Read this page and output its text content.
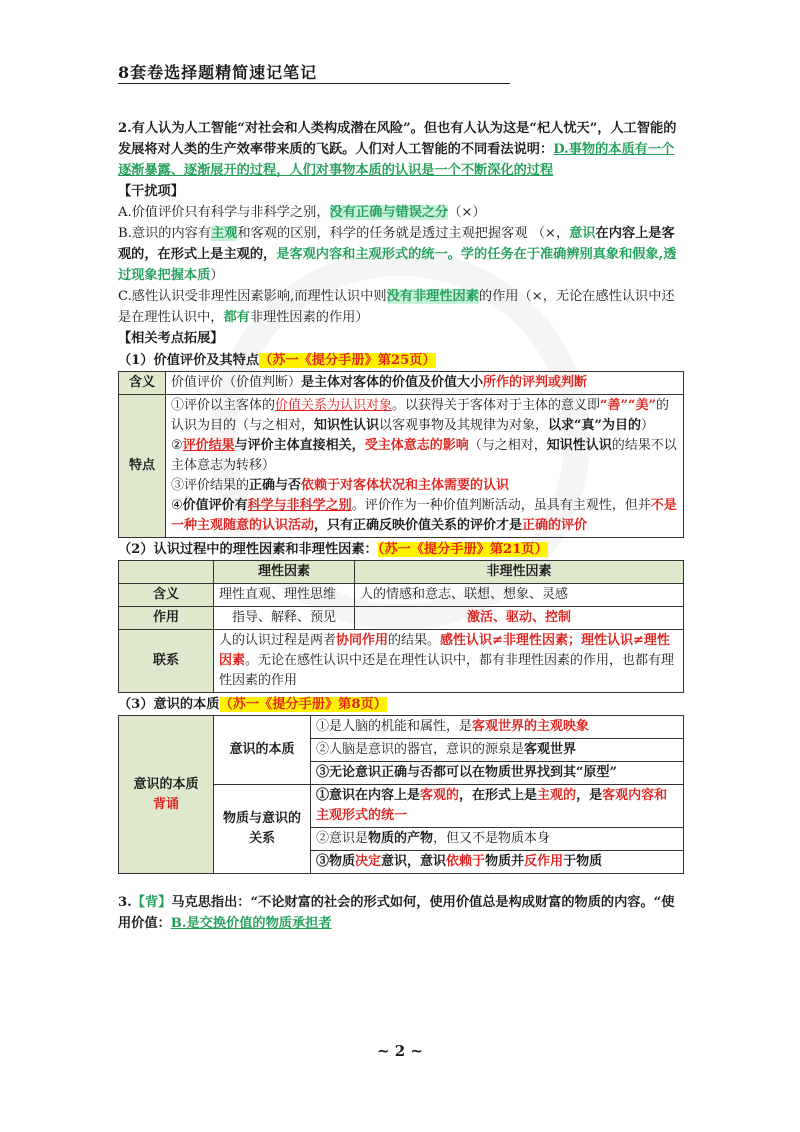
8套卷选择题精简速记笔记

2.有人认为人工智能“对社会和人类构成潜在风险”。但也有人认为这是“杞人忧天”，人工智能的发展将对人类的生产效率带来质的飞跃。人们对人工智能的不同看法说明：D.事物的本质有一个逐渐暴露、逐渐展开的过程，人们对事物本质的认识是一个不断深化的过程

【干扰项】

A.价值评价只有科学与非科学之别，没有正确与错误之分（×）

B.意识的内容有主观和客观的区别，科学的任务就是透过主观把握客观 （×，意识在内容上是客观的，在形式上是主观的，是客观内容和主观形式的统一。学的任务在于准确辨别真象和假象,透过现象把握本质）

C.感性认识受非理性因素影响,而理性认识中则没有非理性因素的作用（×，无论在感性认识中还是在理性认识中，都有非理性因素的作用）

【相关考点拓展】

（1）价值评价及其特点（苏一《提分手册》第25页）

含义	价值评价（价值判断）是主体对客体的价值及价值大小所作的评判或判断
特点	①评价以主客体的价值关系为认识对象。以获得关于客体对于主体的意义即“善”“美”的认识为目的（与之相对，知识性认识以客观事物及其规律为对象，以求“真”为目的）

②评价结果与评价主体直接相关，受主体意志的影响（与之相对，知识性认识的结果不以主体意志为转移）

③评价结果的正确与否依赖于对客体状况和主体需要的认识

④价值评价有科学与非科学之别。评价作为一种价值判断活动，虽具有主观性，但并不是一种主观随意的认识活动，只有正确反映价值关系的评价才是正确的评价

（2）认识过程中的理性因素和非理性因素：（苏一《提分手册》第21页）

	理性因素	非理性因素
含义	理性直观、理性思维	人的情感和意志、联想、想象、灵感
作用	指导、解释、预见	激活、驱动、控制
联系	人的认识过程是两者协同作用的结果。感性认识≠非理性因素；理性认识≠理性因素。无论在感性认识中还是在理性认识中，都有非理性因素的作用，也都有理性因素的作用	

（3）意识的本质（苏一《提分手册》第8页）

意识的本质
背诵	意识的本质	①是人脑的机能和属性，是客观世界的主观映象
		②人脑是意识的器官，意识的源泉是客观世界
		③无论意识正确与否都可以在物质世界找到其“原型”
	物质与意识的关系	①意识在内容上是客观的，在形式上是主观的，是客观内容和主观形式的统一
		②意识是物质的产物，但又不是物质本身
		③物质决定意识，意识依赖于物质并反作用于物质

3.【背】马克思指出：“不论财富的社会的形式如何，使用价值总是构成财富的物质的内容。“使用价值：B.是交换价值的物质承担者

~ 2 ~
